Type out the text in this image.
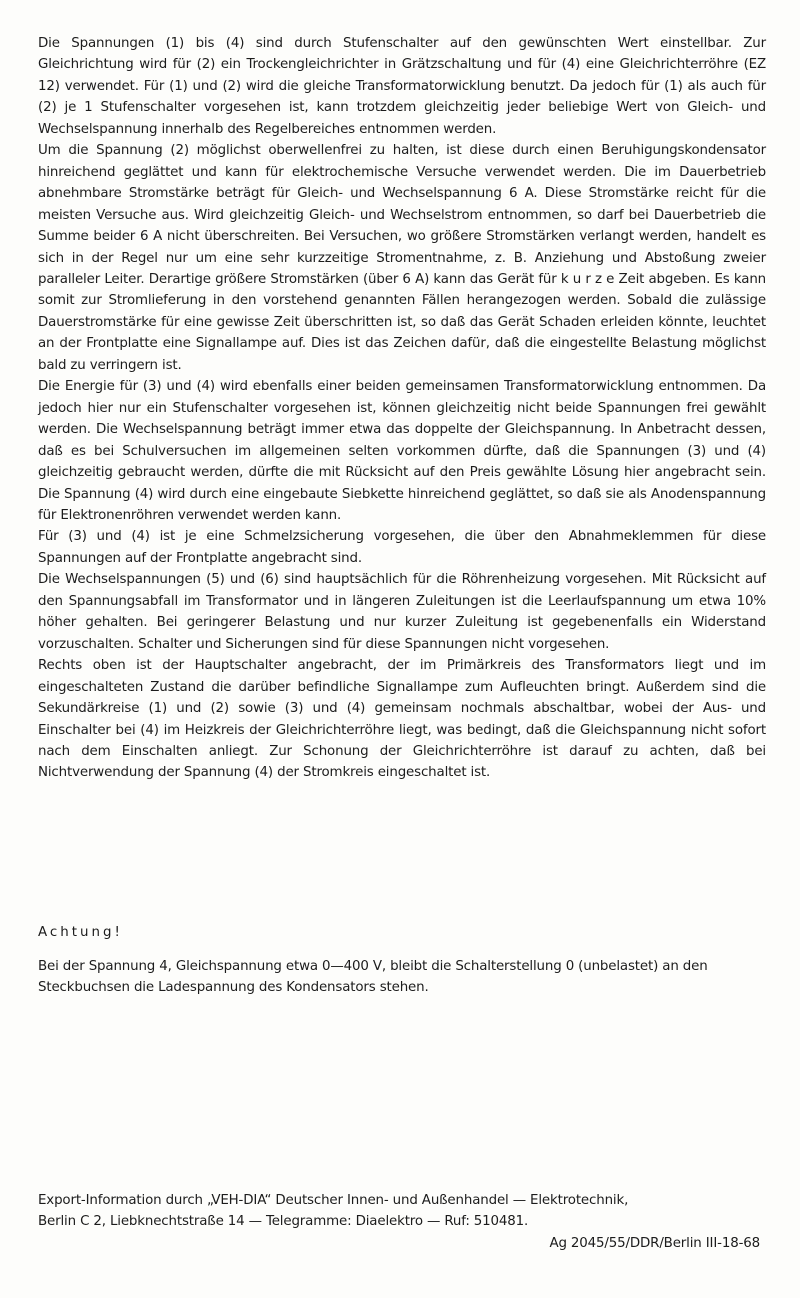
Die Spannungen (1) bis (4) sind durch Stufenschalter auf den gewünschten Wert einstellbar. Zur Gleichrichtung wird für (2) ein Trockengleichrichter in Grätzschaltung und für (4) eine Gleichrichterröhre (EZ 12) verwendet. Für (1) und (2) wird die gleiche Transformatorwicklung benutzt. Da jedoch für (1) als auch für (2) je 1 Stufenschalter vorgesehen ist, kann trotzdem gleichzeitig jeder beliebige Wert von Gleich- und Wechselspannung innerhalb des Regelbereiches entnommen werden.

Um die Spannung (2) möglichst oberwellenfrei zu halten, ist diese durch einen Beruhigungskondensator hinreichend geglättet und kann für elektrochemische Versuche verwendet werden. Die im Dauerbetrieb abnehmbare Stromstärke beträgt für Gleich- und Wechselspannung 6 A. Diese Stromstärke reicht für die meisten Versuche aus. Wird gleichzeitig Gleich- und Wechselstrom entnommen, so darf bei Dauerbetrieb die Summe beider 6 A nicht überschreiten. Bei Versuchen, wo größere Stromstärken verlangt werden, handelt es sich in der Regel nur um eine sehr kurzzeitige Stromentnahme, z. B. Anziehung und Abstoßung zweier paralleler Leiter. Derartige größere Stromstärken (über 6 A) kann das Gerät für k u r z e Zeit abgeben. Es kann somit zur Stromlieferung in den vorstehend genannten Fällen herangezogen werden. Sobald die zulässige Dauerstromstärke für eine gewisse Zeit überschritten ist, so daß das Gerät Schaden erleiden könnte, leuchtet an der Frontplatte eine Signallampe auf. Dies ist das Zeichen dafür, daß die eingestellte Belastung möglichst bald zu verringern ist.

Die Energie für (3) und (4) wird ebenfalls einer beiden gemeinsamen Transformatorwicklung entnommen. Da jedoch hier nur ein Stufenschalter vorgesehen ist, können gleichzeitig nicht beide Spannungen frei gewählt werden. Die Wechselspannung beträgt immer etwa das doppelte der Gleichspannung. In Anbetracht dessen, daß es bei Schulversuchen im allgemeinen selten vorkommen dürfte, daß die Spannungen (3) und (4) gleichzeitig gebraucht werden, dürfte die mit Rücksicht auf den Preis gewählte Lösung hier angebracht sein. Die Spannung (4) wird durch eine eingebaute Siebkette hinreichend geglättet, so daß sie als Anodenspannung für Elektronenröhren verwendet werden kann.

Für (3) und (4) ist je eine Schmelzsicherung vorgesehen, die über den Abnahmeklemmen für diese Spannungen auf der Frontplatte angebracht sind.

Die Wechselspannungen (5) und (6) sind hauptsächlich für die Röhrenheizung vorgesehen. Mit Rücksicht auf den Spannungsabfall im Transformator und in längeren Zuleitungen ist die Leerlaufspannung um etwa 10% höher gehalten. Bei geringerer Belastung und nur kurzer Zuleitung ist gegebenenfalls ein Widerstand vorzuschalten. Schalter und Sicherungen sind für diese Spannungen nicht vorgesehen.

Rechts oben ist der Hauptschalter angebracht, der im Primärkreis des Transformators liegt und im eingeschalteten Zustand die darüber befindliche Signallampe zum Aufleuchten bringt. Außerdem sind die Sekundärkreise (1) und (2) sowie (3) und (4) gemeinsam nochmals abschaltbar, wobei der Aus- und Einschalter bei (4) im Heizkreis der Gleichrichterröhre liegt, was bedingt, daß die Gleichspannung nicht sofort nach dem Einschalten anliegt. Zur Schonung der Gleichrichterröhre ist darauf zu achten, daß bei Nichtverwendung der Spannung (4) der Stromkreis eingeschaltet ist.

Achtung!
Bei der Spannung 4, Gleichspannung etwa 0—400 V, bleibt die Schalterstellung 0 (unbelastet) an den Steckbuchsen die Ladespannung des Kondensators stehen.
Export-Information durch „VEH-DIA“ Deutscher Innen- und Außenhandel — Elektrotechnik,
Berlin C 2, Liebknechtstraße 14 — Telegramme: Diaelektro — Ruf: 510481.
Ag 2045/55/DDR/Berlin III-18-68
